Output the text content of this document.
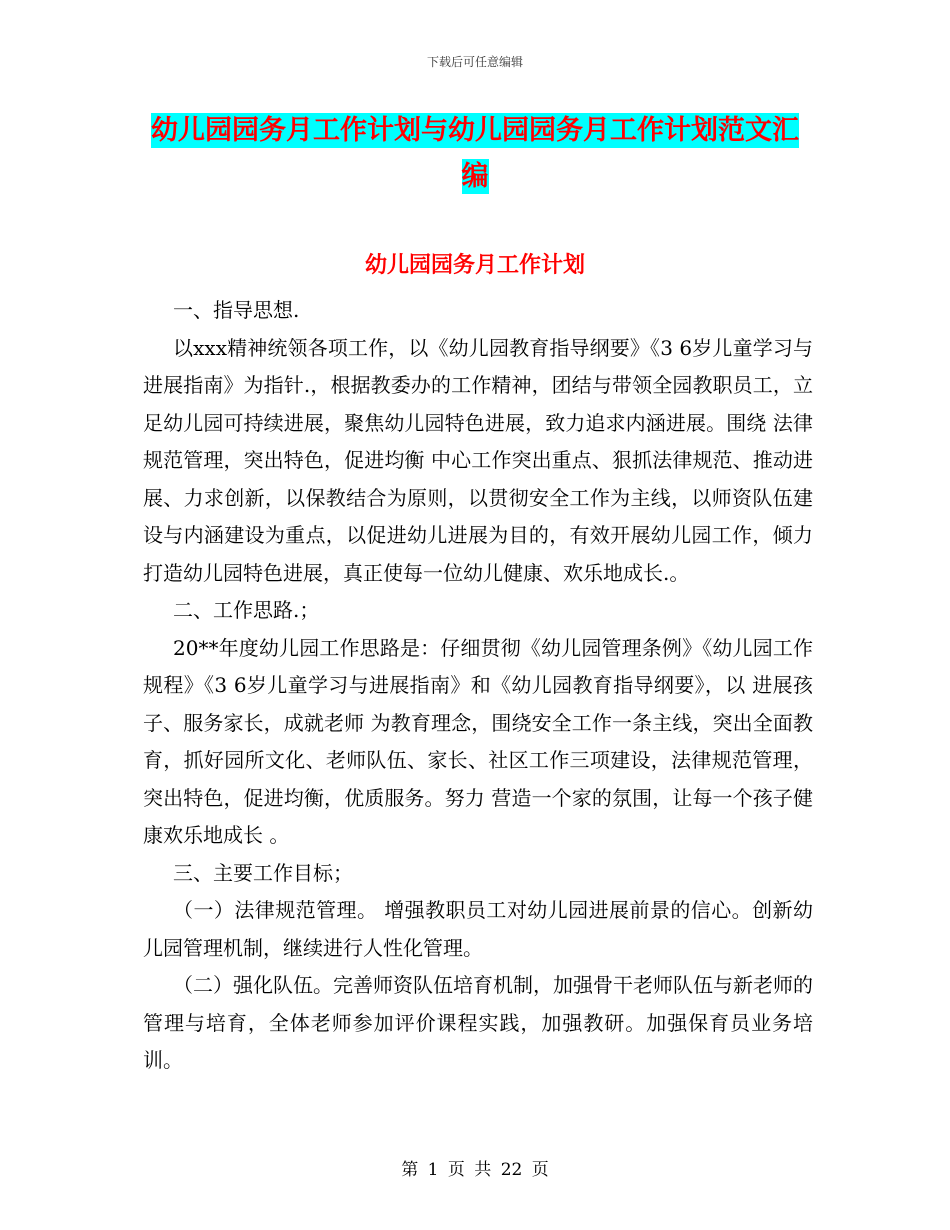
下载后可任意编辑
幼儿园园务月工作计划与幼儿园园务月工作计划范文汇编
幼儿园园务月工作计划

一、指导思想.

以xxx精神统领各项工作，以《幼儿园教育指导纲要》《3 6岁儿童学习与进展指南》为指针.，根据教委办的工作精神，团结与带领全园教职员工，立足幼儿园可持续进展，聚焦幼儿园特色进展，致力追求内涵进展。围绕 法律规范管理，突出特色，促进均衡 中心工作突出重点、狠抓法律规范、推动进展、力求创新，以保教结合为原则，以贯彻安全工作为主线，以师资队伍建设与内涵建设为重点，以促进幼儿进展为目的，有效开展幼儿园工作，倾力打造幼儿园特色进展，真正使每一位幼儿健康、欢乐地成长.。

二、工作思路.；

20**年度幼儿园工作思路是：仔细贯彻《幼儿园管理条例》《幼儿园工作规程》《3 6岁儿童学习与进展指南》和《幼儿园教育指导纲要》，以 进展孩子、服务家长，成就老师 为教育理念，围绕安全工作一条主线，突出全面教育，抓好园所文化、老师队伍、家长、社区工作三项建设，法律规范管理，突出特色，促进均衡，优质服务。努力 营造一个家的氛围，让每一个孩子健康欢乐地成长 。

三、主要工作目标；

（一）法律规范管理。 增强教职员工对幼儿园进展前景的信心。创新幼儿园管理机制，继续进行人性化管理。

（二）强化队伍。完善师资队伍培育机制，加强骨干老师队伍与新老师的管理与培育，全体老师参加评价课程实践，加强教研。加强保育员业务培训。

第 1 页 共 22 页
